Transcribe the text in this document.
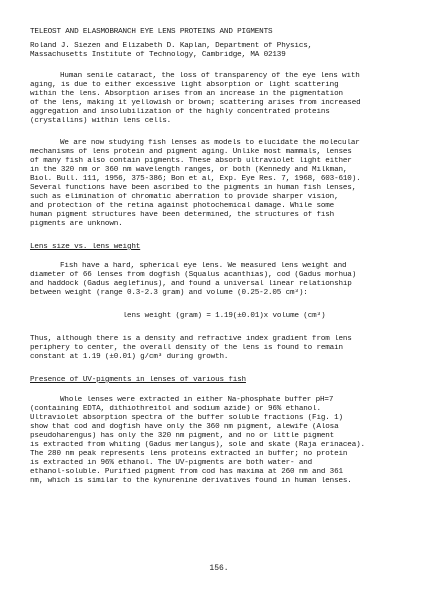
TELEOST AND ELASMOBRANCH EYE LENS PROTEINS AND PIGMENTS
Roland J. Siezen and Elizabeth D. Kaplan, Department of Physics,
Massachusetts Institute of Technology, Cambridge, MA 02139
Human senile cataract, the loss of transparency of the eye lens with
aging, is due to either excessive light absorption or light scattering
within the lens. Absorption arises from an increase in the pigmentation
of the lens, making it yellowish or brown; scattering arises from increased
aggregation and insolubilization of the highly concentrated proteins
(crystallins) within lens cells.
We are now studying fish lenses as models to elucidate the molecular
mechanisms of lens protein and pigment aging. Unlike most mammals, lenses
of many fish also contain pigments. These absorb ultraviolet light either
in the 320 nm or 360 nm wavelength ranges, or both (Kennedy and Milkman,
Biol. Bull. 111, 1956, 375-386; Bon et al, Exp. Eye Res. 7, 1968, 603-610).
Several functions have been ascribed to the pigments in human fish lenses,
such as elimination of chromatic aberration to provide sharper vision,
and protection of the retina against photochemical damage. While some
human pigment structures have been determined, the structures of fish
pigments are unknown.
Lens size vs. lens weight
Fish have a hard, spherical eye lens. We measured lens weight and
diameter of 66 lenses from dogfish (Squalus acanthias), cod (Gadus morhua)
and haddock (Gadus aeglefinus), and found a universal linear relationship
between weight (range 0.3-2.3 gram) and volume (0.25-2.05 cm³):
lens weight (gram) = 1.19(±0.01)x volume (cm³)
Thus, although there is a density and refractive index gradient from lens
periphery to center, the overall density of the lens is found to remain
constant at 1.19 (±0.01) g/cm³ during growth.
Presence of UV-pigments in lenses of various fish
Whole lenses were extracted in either Na-phosphate buffer pH=7
(containing EDTA, dithiothreitol and sodium azide) or 96% ethanol.
Ultraviolet absorption spectra of the buffer soluble fractions (Fig. 1)
show that cod and dogfish have only the 360 nm pigment, alewife (Alosa
pseudoharengus) has only the 320 nm pigment, and no or little pigment
is extracted from whiting (Gadus merlangus), sole and skate (Raja erinacea).
The 280 nm peak represents lens proteins extracted in buffer; no protein
is extracted in 96% ethanol. The UV-pigments are both water- and
ethanol-soluble. Purified pigment from cod has maxima at 260 nm and 361
nm, which is similar to the kynurenine derivatives found in human lenses.
156.
